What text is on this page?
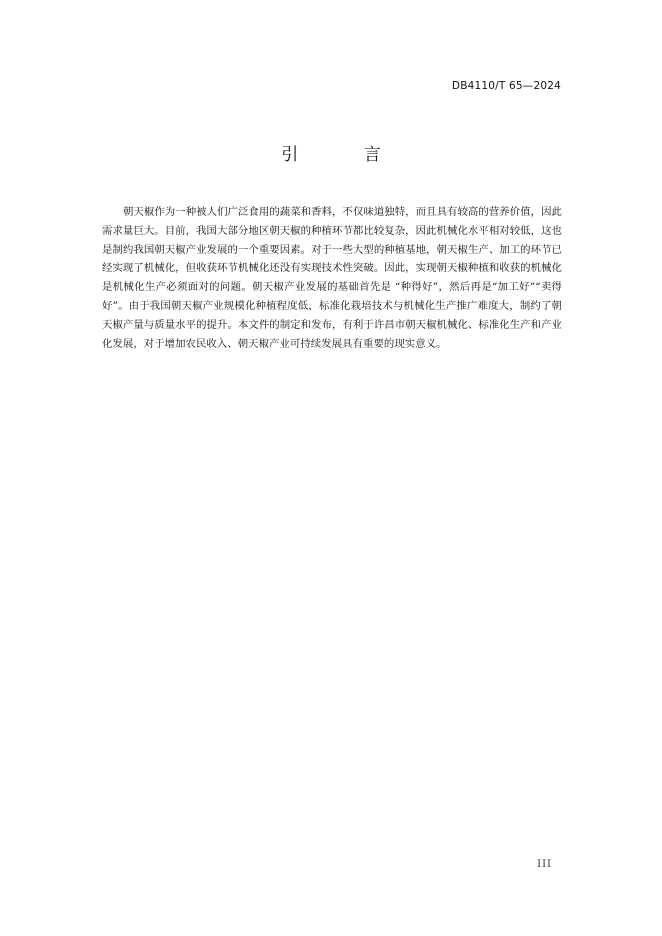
DB4110/T 65—2024
引 言

朝天椒作为一种被人们广泛食用的蔬菜和香料，不仅味道独特，而且具有较高的营养价值，因此需求量巨大。目前，我国大部分地区朝天椒的种植环节都比较复杂，因此机械化水平相对较低，这也是制约我国朝天椒产业发展的一个重要因素。对于一些大型的种植基地，朝天椒生产、加工的环节已经实现了机械化，但收获环节机械化还没有实现技术性突破。因此，实现朝天椒种植和收获的机械化是机械化生产必须面对的问题。朝天椒产业发展的基础首先是 “种得好”，然后再是“加工好”“卖得好”。由于我国朝天椒产业规模化种植程度低，标准化栽培技术与机械化生产推广难度大，制约了朝天椒产量与质量水平的提升。本文件的制定和发布，有利于许昌市朝天椒机械化、标准化生产和产业化发展，对于增加农民收入、朝天椒产业可持续发展具有重要的现实意义。

III
